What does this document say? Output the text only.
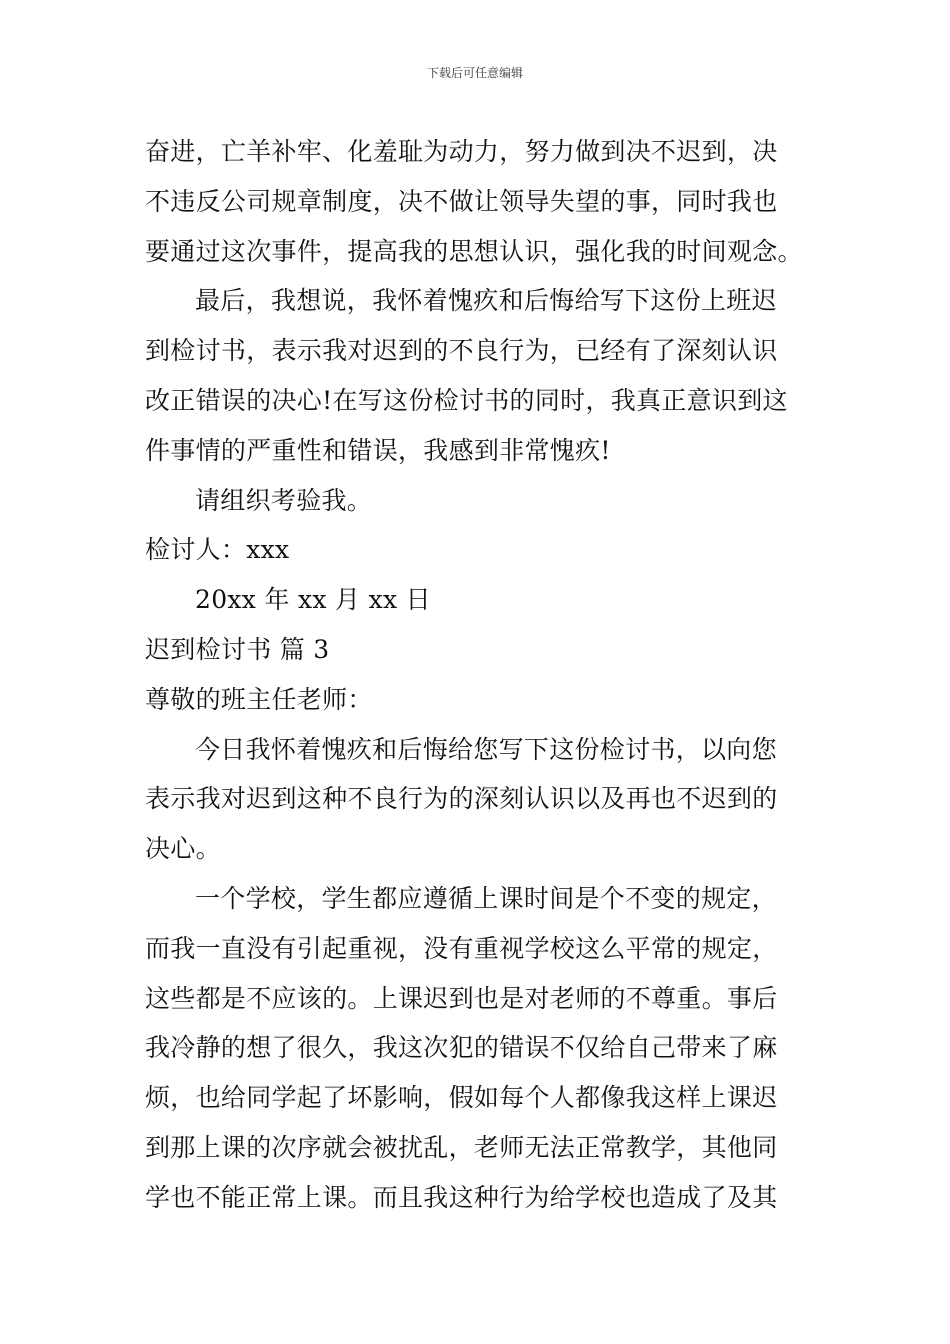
下载后可任意编辑
奋进，亡羊补牢、化羞耻为动力，努力做到决不迟到，决
不违反公司规章制度，决不做让领导失望的事，同时我也
要通过这次事件，提高我的思想认识，强化我的时间观念。
最后，我想说，我怀着愧疚和后悔给写下这份上班迟
到检讨书，表示我对迟到的不良行为，已经有了深刻认识
改正错误的决心!在写这份检讨书的同时，我真正意识到这
件事情的严重性和错误，我感到非常愧疚!
请组织考验我。
检讨人：xxx
20xx 年 xx 月 xx 日
迟到检讨书 篇 3
尊敬的班主任老师：
今日我怀着愧疚和后悔给您写下这份检讨书，以向您
表示我对迟到这种不良行为的深刻认识以及再也不迟到的
决心。
一个学校，学生都应遵循上课时间是个不变的规定，
而我一直没有引起重视，没有重视学校这么平常的规定，
这些都是不应该的。上课迟到也是对老师的不尊重。事后
我冷静的想了很久，我这次犯的错误不仅给自己带来了麻
烦，也给同学起了坏影响，假如每个人都像我这样上课迟
到那上课的次序就会被扰乱，老师无法正常教学，其他同
学也不能正常上课。而且我这种行为给学校也造成了及其
